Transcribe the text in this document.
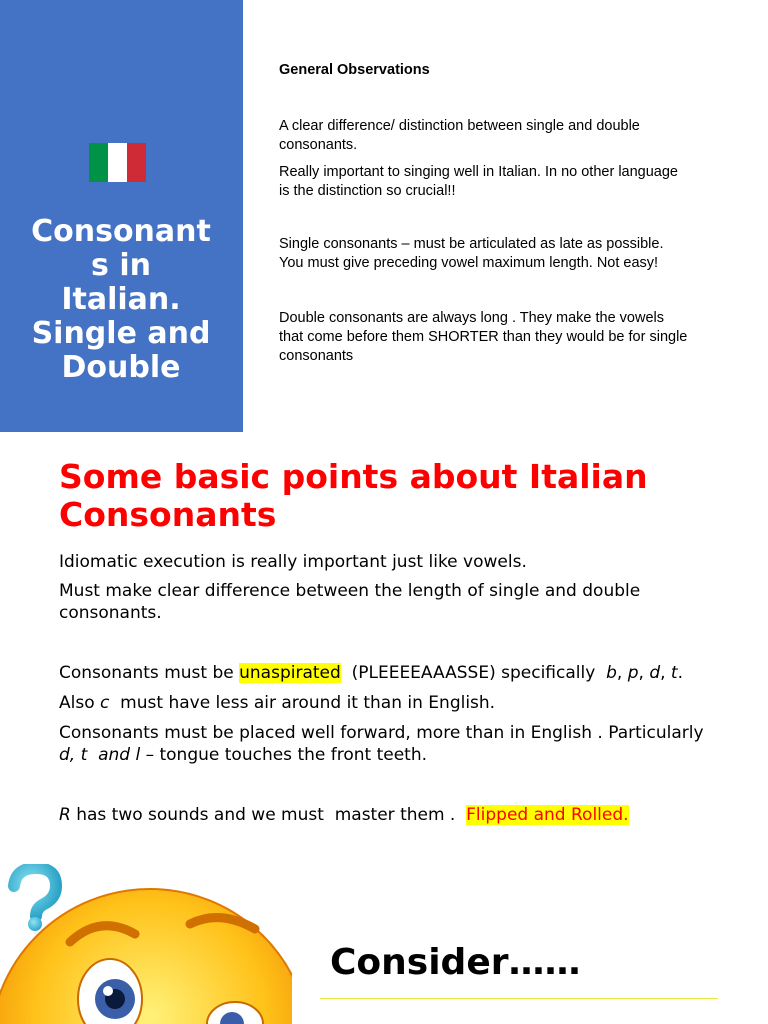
Consonant
s in
Italian.
Single and
Double
General Observations
A clear difference/ distinction between single and double
consonants.
Really important to singing well in Italian. In no other language
is the distinction so crucial!!
Single consonants – must be articulated as late as possible.
You must give preceding vowel maximum length. Not easy!
Double consonants are always long . They make the vowels
that come before them SHORTER than they would be for single
consonants
Some basic points about Italian
Consonants
Idiomatic execution is really important just like vowels.
Must make clear difference between the length of single and double
consonants.
Consonants must be unaspirated  (PLEEEEAAASSE) specifically  b, p, d, t.
Also c  must have less air around it than in English.
Consonants must be placed well forward, more than in English . Particularly
d, t  and l – tongue touches the front teeth.
R has two sounds and we must  master them .  Flipped and Rolled.
Consider……
